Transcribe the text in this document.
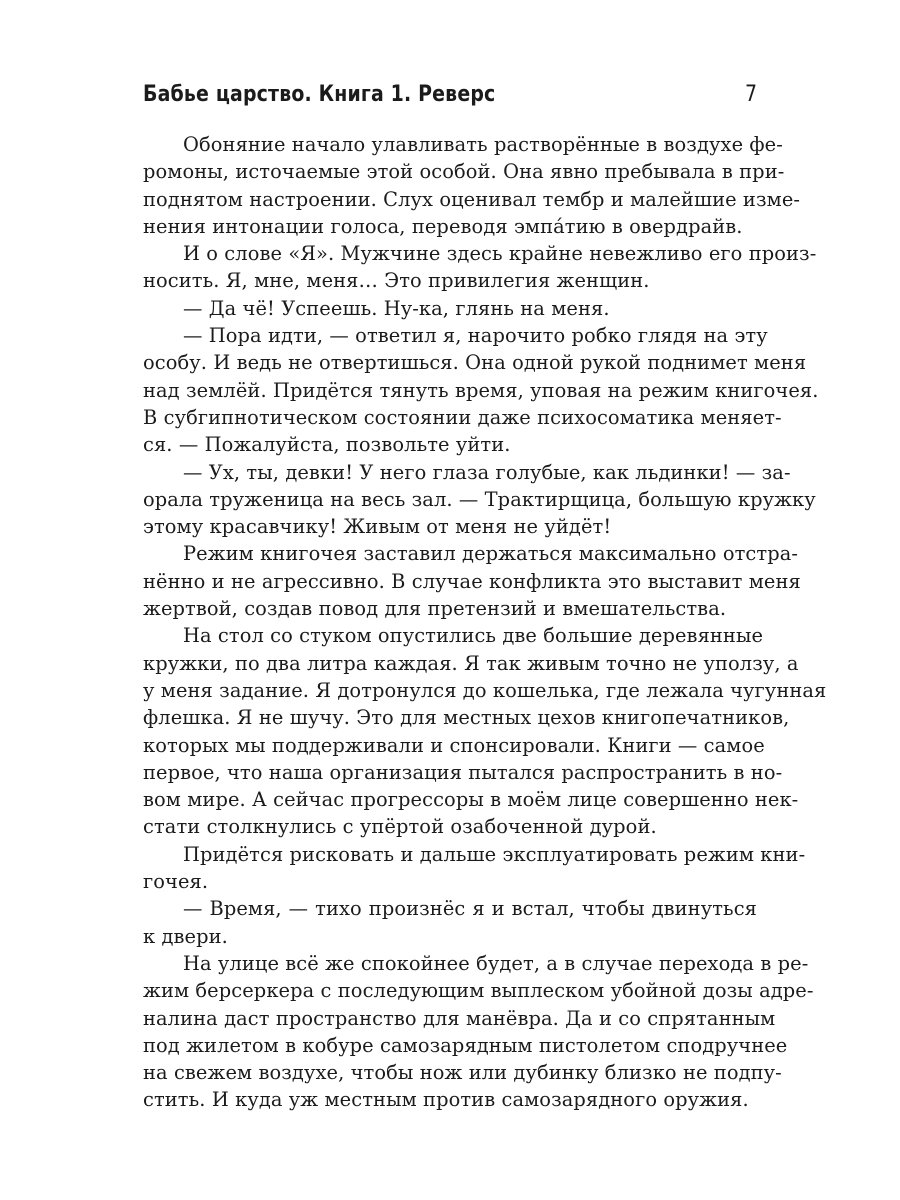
Бабье царство. Книга 1. Реверс	7

Обоняние начало улавливать растворённые в воздухе фе-
ромоны, источаемые этой особой. Она явно пребывала в при-
поднятом настроении. Слух оценивал тембр и малейшие изме-
нения интонации голоса, переводя эмпа́тию в овердрайв.

И о слове «Я». Мужчине здесь крайне невежливо его произ-
носить. Я, мне, меня… Это привилегия женщин.

— Да чё! Успеешь. Ну-ка, глянь на меня.

— Пора идти, — ответил я, нарочито робко глядя на эту
особу. И ведь не отвертишься. Она одной рукой поднимет меня
над землёй. Придётся тянуть время, уповая на режим книгочея.
В субгипнотическом состоянии даже психосоматика меняет-
ся. — Пожалуйста, позвольте уйти.

— Ух, ты, девки! У него глаза голубые, как льдинки! — за-
орала труженица на весь зал. — Трактирщица, большую кружку
этому красавчику! Живым от меня не уйдёт!

Режим книгочея заставил держаться максимально отстра-
нённо и не агрессивно. В случае конфликта это выставит меня
жертвой, создав повод для претензий и вмешательства.

На стол со стуком опустились две большие деревянные
кружки, по два литра каждая. Я так живым точно не уползу, а
у меня задание. Я дотронулся до кошелька, где лежала чугунная
флешка. Я не шучу. Это для местных цехов книгопечатников,
которых мы поддерживали и спонсировали. Книги — самое
первое, что наша организация пытался распространить в но-
вом мире. А сейчас прогрессоры в моём лице совершенно нек-
стати столкнулись с упёртой озабоченной дурой.

Придётся рисковать и дальше эксплуатировать режим кни-
гочея.

— Время, — тихо произнёс я и встал, чтобы двинуться
к двери.

На улице всё же спокойнее будет, а в случае перехода в ре-
жим берсеркера с последующим выплеском убойной дозы адре-
налина даст пространство для манёвра. Да и со спрятанным
под жилетом в кобуре самозарядным пистолетом сподручнее
на свежем воздухе, чтобы нож или дубинку близко не подпу-
стить. И куда уж местным против самозарядного оружия.
